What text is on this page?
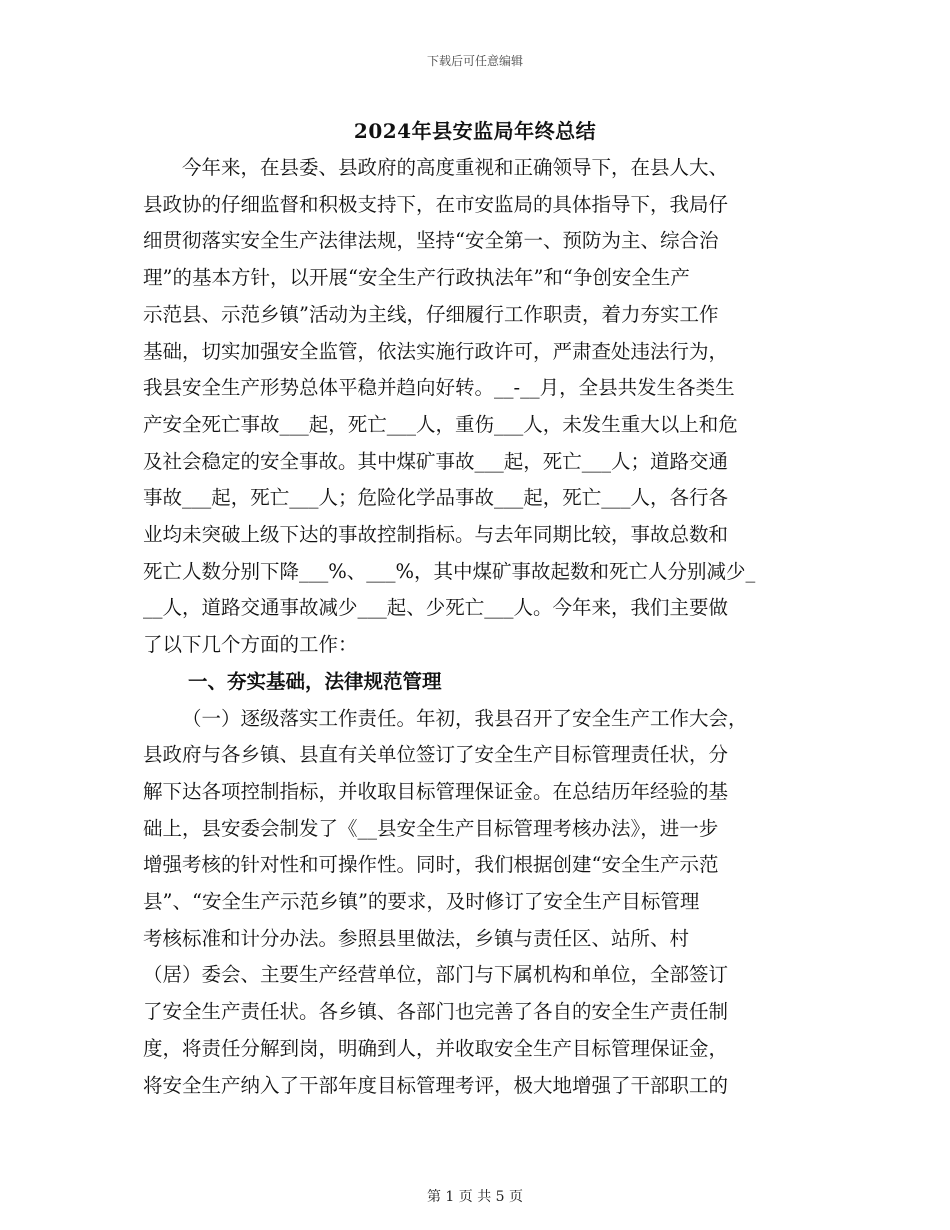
下载后可任意编辑
2024年县安监局年终总结
今年来，在县委、县政府的高度重视和正确领导下，在县人大、
县政协的仔细监督和积极支持下，在市安监局的具体指导下，我局仔
细贯彻落实安全生产法律法规，坚持“安全第一、预防为主、综合治
理”的基本方针，以开展“安全生产行政执法年”和“争创安全生产
示范县、示范乡镇”活动为主线，仔细履行工作职责，着力夯实工作
基础，切实加强安全监管，依法实施行政许可，严肃查处违法行为，
我县安全生产形势总体平稳并趋向好转。__-__月，全县共发生各类生
产安全死亡事故___起，死亡___人，重伤___人，未发生重大以上和危
及社会稳定的安全事故。其中煤矿事故___起，死亡___人；道路交通
事故___起，死亡___人；危险化学品事故___起，死亡___人，各行各
业均未突破上级下达的事故控制指标。与去年同期比较，事故总数和
死亡人数分别下降___%、___%，其中煤矿事故起数和死亡人分别减少_
__人，道路交通事故减少___起、少死亡___人。今年来，我们主要做
了以下几个方面的工作：
一、夯实基础，法律规范管理
（一）逐级落实工作责任。年初，我县召开了安全生产工作大会，
县政府与各乡镇、县直有关单位签订了安全生产目标管理责任状，分
解下达各项控制指标，并收取目标管理保证金。在总结历年经验的基
础上，县安委会制发了《__县安全生产目标管理考核办法》，进一步
增强考核的针对性和可操作性。同时，我们根据创建“安全生产示范
县”、“安全生产示范乡镇”的要求，及时修订了安全生产目标管理
考核标准和计分办法。参照县里做法，乡镇与责任区、站所、村
（居）委会、主要生产经营单位，部门与下属机构和单位，全部签订
了安全生产责任状。各乡镇、各部门也完善了各自的安全生产责任制
度，将责任分解到岗，明确到人，并收取安全生产目标管理保证金，
将安全生产纳入了干部年度目标管理考评，极大地增强了干部职工的
第 1 页 共 5 页
